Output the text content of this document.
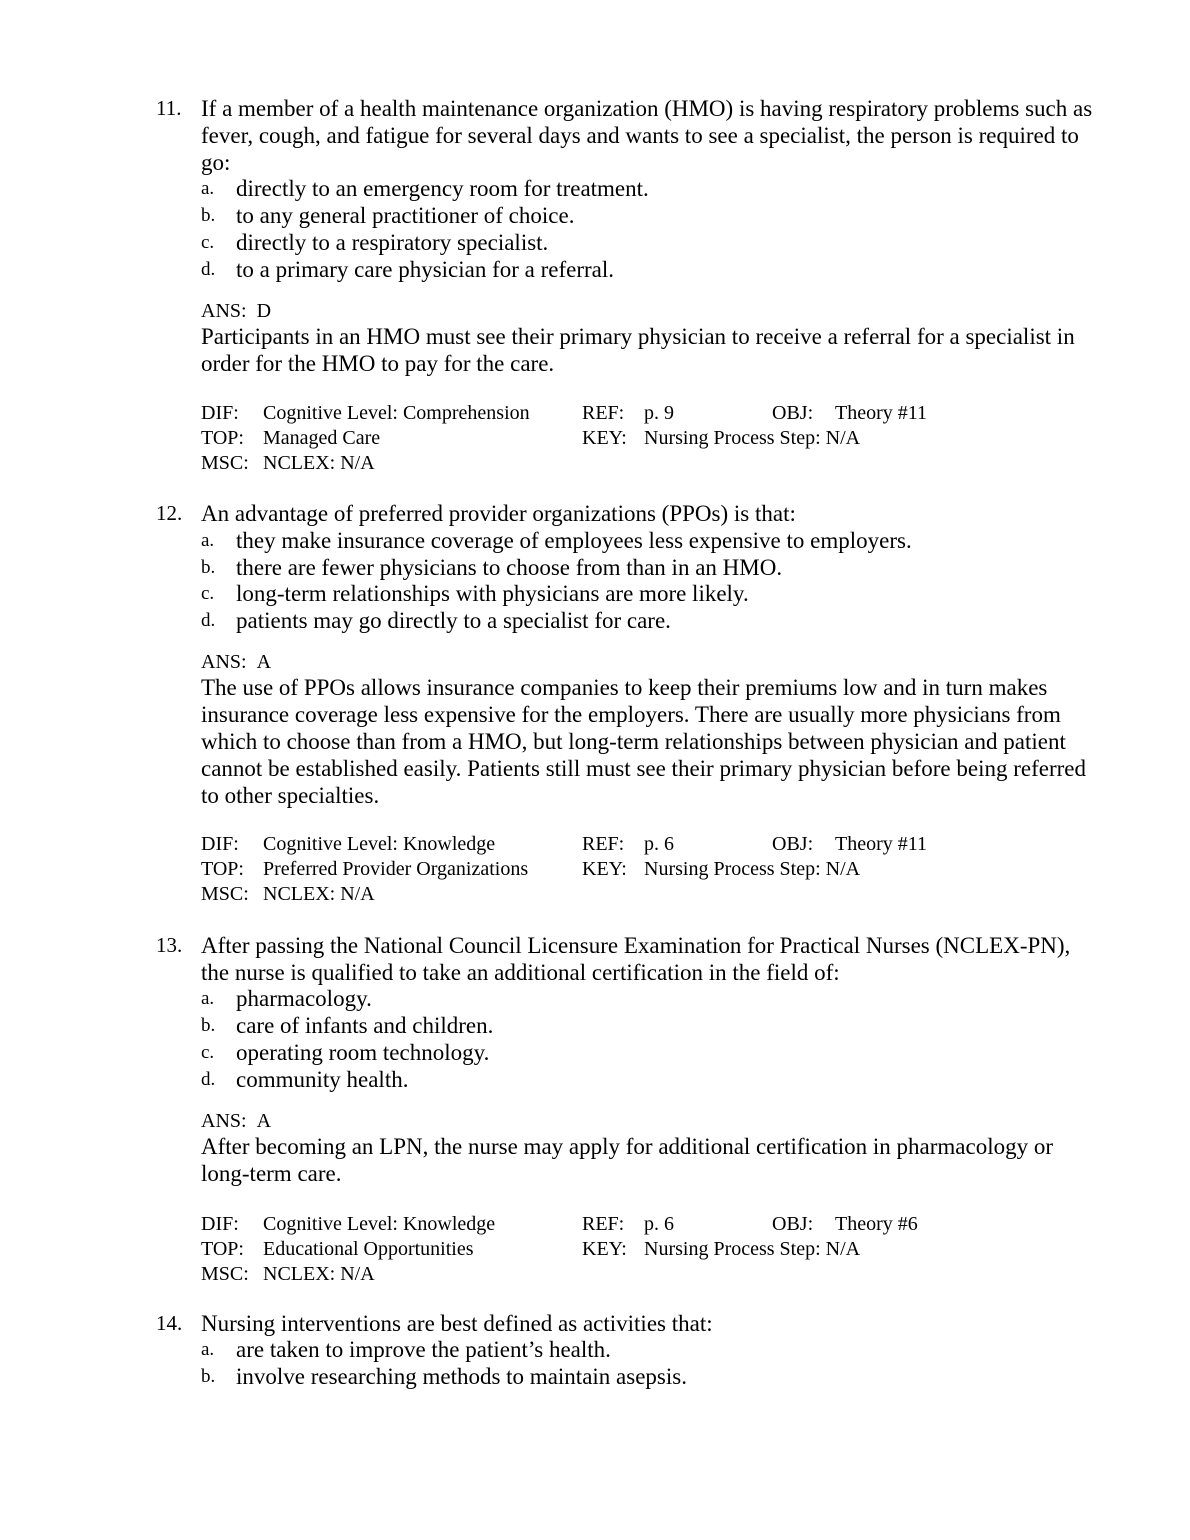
11. If a member of a health maintenance organization (HMO) is having respiratory problems such as fever, cough, and fatigue for several days and wants to see a specialist, the person is required to go:
a. directly to an emergency room for treatment.
b. to any general practitioner of choice.
c. directly to a respiratory specialist.
d. to a primary care physician for a referral.
ANS: D
Participants in an HMO must see their primary physician to receive a referral for a specialist in order for the HMO to pay for the care.
DIF: Cognitive Level: Comprehension	REF: p. 9	OBJ: Theory #11
TOP: Managed Care	KEY: Nursing Process Step: N/A
MSC: NCLEX: N/A
12. An advantage of preferred provider organizations (PPOs) is that:
a. they make insurance coverage of employees less expensive to employers.
b. there are fewer physicians to choose from than in an HMO.
c. long-term relationships with physicians are more likely.
d. patients may go directly to a specialist for care.
ANS: A
The use of PPOs allows insurance companies to keep their premiums low and in turn makes insurance coverage less expensive for the employers. There are usually more physicians from which to choose than from a HMO, but long-term relationships between physician and patient cannot be established easily. Patients still must see their primary physician before being referred to other specialties.
DIF: Cognitive Level: Knowledge	REF: p. 6	OBJ: Theory #11
TOP: Preferred Provider Organizations	KEY: Nursing Process Step: N/A
MSC: NCLEX: N/A
13. After passing the National Council Licensure Examination for Practical Nurses (NCLEX-PN), the nurse is qualified to take an additional certification in the field of:
a. pharmacology.
b. care of infants and children.
c. operating room technology.
d. community health.
ANS: A
After becoming an LPN, the nurse may apply for additional certification in pharmacology or long-term care.
DIF: Cognitive Level: Knowledge	REF: p. 6	OBJ: Theory #6
TOP: Educational Opportunities	KEY: Nursing Process Step: N/A
MSC: NCLEX: N/A
14. Nursing interventions are best defined as activities that:
a. are taken to improve the patient’s health.
b. involve researching methods to maintain asepsis.
